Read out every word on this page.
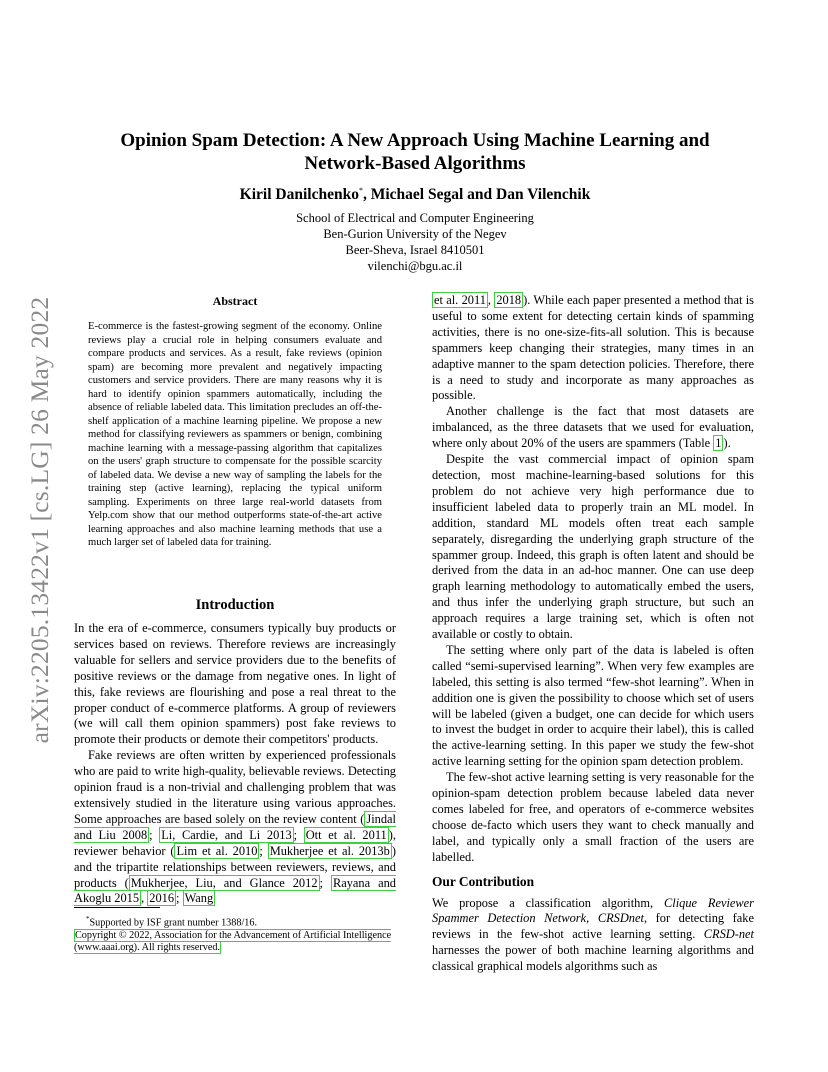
arXiv:2205.13422v1 [cs.LG] 26 May 2022
Opinion Spam Detection: A New Approach Using Machine Learning and
Network-Based Algorithms
Kiril Danilchenko*, Michael Segal and Dan Vilenchik
School of Electrical and Computer Engineering
Ben-Gurion University of the Negev
Beer-Sheva, Israel 8410501
vilenchi@bgu.ac.il
Abstract
E-commerce is the fastest-growing segment of the economy. Online reviews play a crucial role in helping consumers evaluate and compare products and services. As a result, fake reviews (opinion spam) are becoming more prevalent and negatively impacting customers and service providers. There are many reasons why it is hard to identify opinion spammers automatically, including the absence of reliable labeled data. This limitation precludes an off-the-shelf application of a machine learning pipeline. We propose a new method for classifying reviewers as spammers or benign, combining machine learning with a message-passing algorithm that capitalizes on the users' graph structure to compensate for the possible scarcity of labeled data. We devise a new way of sampling the labels for the training step (active learning), replacing the typical uniform sampling. Experiments on three large real-world datasets from Yelp.com show that our method outperforms state-of-the-art active learning approaches and also machine learning methods that use a much larger set of labeled data for training.
Introduction

In the era of e-commerce, consumers typically buy products or services based on reviews. Therefore reviews are increasingly valuable for sellers and service providers due to the benefits of positive reviews or the damage from negative ones. In light of this, fake reviews are flourishing and pose a real threat to the proper conduct of e-commerce platforms. A group of reviewers (we will call them opinion spammers) post fake reviews to promote their products or demote their competitors' products.

Fake reviews are often written by experienced professionals who are paid to write high-quality, believable reviews. Detecting opinion fraud is a non-trivial and challenging problem that was extensively studied in the literature using various approaches. Some approaches are based solely on the review content ( Jindal and Liu 2008 ; Li, Cardie, and Li 2013 ; Ott et al. 2011 ), reviewer behavior ( Lim et al. 2010 ; Mukherjee et al. 2013b ) and the tripartite relationships between reviewers, reviews, and products ( Mukherjee, Liu, and Glance 2012 ; Rayana and Akoglu 2015 , 2016 ; Wang

*Supported by ISF grant number 1388/16.
Copyright © 2022, Association for the Advancement of Artificial Intelligence (www.aaai.org). All rights reserved.

et al. 2011 , 2018 ). While each paper presented a method that is useful to some extent for detecting certain kinds of spamming activities, there is no one-size-fits-all solution. This is because spammers keep changing their strategies, many times in an adaptive manner to the spam detection policies. Therefore, there is a need to study and incorporate as many approaches as possible.

Another challenge is the fact that most datasets are imbalanced, as the three datasets that we used for evaluation, where only about 20% of the users are spammers (Table 1 ).

Despite the vast commercial impact of opinion spam detection, most machine-learning-based solutions for this problem do not achieve very high performance due to insufficient labeled data to properly train an ML model. In addition, standard ML models often treat each sample separately, disregarding the underlying graph structure of the spammer group. Indeed, this graph is often latent and should be derived from the data in an ad-hoc manner. One can use deep graph learning methodology to automatically embed the users, and thus infer the underlying graph structure, but such an approach requires a large training set, which is often not available or costly to obtain.

The setting where only part of the data is labeled is often called “semi-supervised learning”. When very few examples are labeled, this setting is also termed “few-shot learning”. When in addition one is given the possibility to choose which set of users will be labeled (given a budget, one can decide for which users to invest the budget in order to acquire their label), this is called the active-learning setting. In this paper we study the few-shot active learning setting for the opinion spam detection problem.

The few-shot active learning setting is very reasonable for the opinion-spam detection problem because labeled data never comes labeled for free, and operators of e-commerce websites choose de-facto which users they want to check manually and label, and typically only a small fraction of the users are labelled.

Our Contribution

We propose a classification algorithm, Clique Reviewer Spammer Detection Network, CRSDnet, for detecting fake reviews in the few-shot active learning setting. CRSD-net harnesses the power of both machine learning algorithms and classical graphical models algorithms such as
